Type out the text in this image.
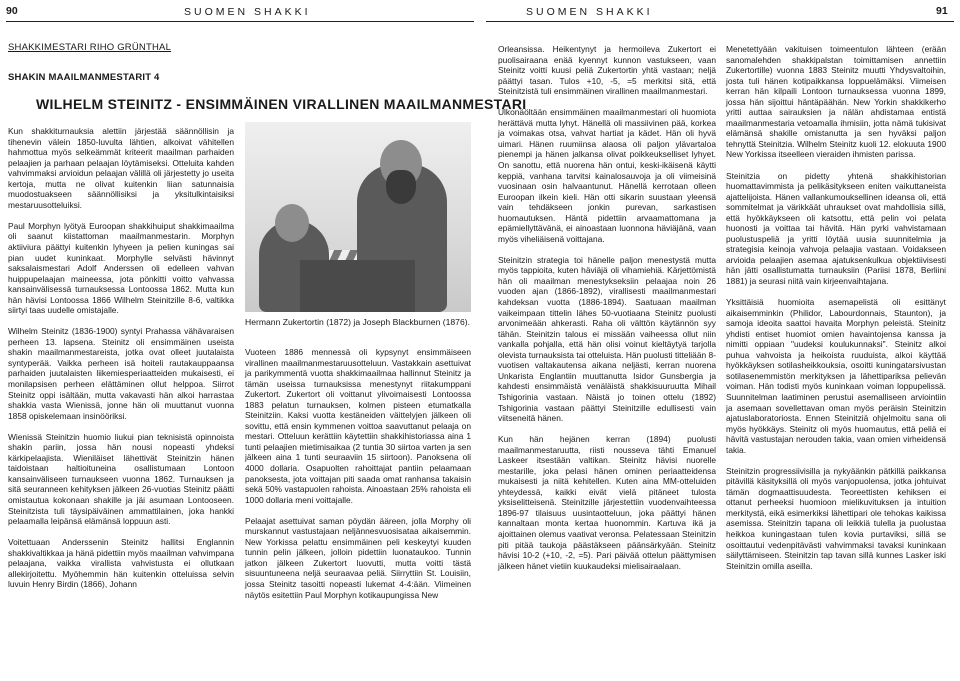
90	SUOMEN SHAKKI
SHAKKIMESTARI RIHO GRÜNTHAL
SHAKIN MAAILMANMESTARIT 4
WILHELM STEINITZ - ENSIMMÄINEN VIRALLINEN MAAILMANMESTARI

Kun shakkiturnauksia alettiin järjestää säännöllisin ja tihenevin välein 1850-luvulta lähtien, alkoivat vähitellen hahmottua myös selkeämmät kriteerit maailman parhaiden pelaajien ja parhaan pelaajan löytämiseksi. Otteluita kahden vahvimmaksi arvioidun pelaajan välillä oli järjestetty jo useita kertoja, mutta ne olivat kuitenkin liian satunnaisia muodostuakseen säännöllisiksi ja yksitulkintaisiksi mestaruusotteluiksi.

Paul Morphyn lyötyä Euroopan shakkihuiput shakkimaailma oli saanut kiistattoman maailmanmestarin. Morphyn aktiiviura päättyi kuitenkin lyhyeen ja pelien kuningas sai pian uudet kuninkaat. Morphylle selvästi hävinnyt saksalaismestari Adolf Anderssen oli edelleen vahvan huippupelaajan maineessa, jota pönkitti voitto vahvassa kansainvälisessä turnauksessa Lontoossa 1862. Mutta kun hän hävisi Lontoossa 1866 Wilhelm Steinitzille 8-6, valtikka siirtyi taas uudelle omistajalle.

Wilhelm Steinitz (1836-1900) syntyi Prahassa vähävaraisen perheen 13. lapsena. Steinitz oli ensimmäinen useista shakin maailmanmestareista, jotka ovat olleet juutalaista syntyperää. Vaikka perheen isä hoiteli rautakauppaansa parhaiden juutalaisten liikemiesperiaatteiden mukaisesti, ei monilapsisen perheen elättäminen ollut helppoa. Siirrot Steinitz oppi isältään, mutta vakavasti hän alkoi harrastaa shakkia vasta Wienissä, jonne hän oli muuttanut vuonna 1858 opiskelemaan insinööriksi.

Wienissä Steinitzin huomio liukui pian teknisistä opinnoista shakin pariin, jossa hän nousi nopeasti yhdeksi kärkipelaajista. Wieniläiset lähettivät Steinitzin hänen taidoistaan haltioituneina osallistumaan Lontoon kansainväliseen turnaukseen vuonna 1862. Turnauksen ja sitä seuranneen kehityksen jälkeen 26-vuotias Steinitz päätti omistautua kokonaan shakille ja jäi asumaan Lontooseen. Steinitzista tuli täysipäiväinen ammattilainen, joka hankki pelaamalla leipänsä elämänsä loppuun asti.

Voitettuaan Anderssenin Steinitz hallitsi Englannin shakkivaltikkaa ja hänä pidettiin myös maailman vahvimpana pelaajana, vaikka virallista vahvistusta ei ollutkaan allekirjoitettu. Myöhemmin hän kuitenkin otteluissa selvin luvuin Henry Birdin (1866), Johann

Hermann Zukertortin (1872) ja Joseph Blackburnen (1876).

Vuoteen 1886 mennessä oli kypsynyt ensimmäiseen virallinen maailmanmestaruusotteluun. Vastakkain asettuivat ja parikymmentä vuotta shakkimaailmaa hallinnut Steinitz ja tämän useissa turnauksissa menestynyt riitakumppani Zukertort. Zukertort oli voittanut ylivoimaisesti Lontoossa 1883 pelatun turnauksen, kolmen pisteen etumatkalla Steinitziin. Kaksi vuotta kestäneiden väittelyjen jälkeen oli sovittu, että ensin kymmenen voittoa saavuttanut pelaaja on mestari. Otteluun kerättiin käytettiin shakkihistoriassa aina 1 tunti pelaajien mietimisaikaa (2 tuntia 30 siirtoa varten ja sen jälkeen aina 1 tunti seuraaviin 15 siirtoon). Panoksena oli 4000 dollaria. Osapuolten rahoittajat pantiin pelaamaan panoksesta, jota voittajan piti saada omat ranhansa takaisin sekä 50% vastapuolen rahoista. Ainoastaan 25% rahoista eli 1000 dollaria meni voittajalle.

Pelaajat asettuivat saman pöydän ääreen, jolla Morphy oli murskannut vastustajaan neljännesvuosisataa aikaisemmin. New Yorkissa pelattu ensimmäinen peli keskeytyi kuuden tunnin pelin jälkeen, jolloin pidettiin luonataukoo. Tunnin jatkon jälkeen Zukertort luovutti, mutta voitti tästä sisuuntuneena neljä seuraavaa peliä. Siirryttiin St. Louisiin, jossa Steinitz tasoitti nopeasti lukemat 4-4:ään. Viimeinen näytös esitettiin Paul Morphyn kotikaupungissa New

SUOMEN SHAKKI	91

Orleansissa. Heikentynyt ja hermoileva Zukertort ei puolisairaana enää kyennyt kunnon vastukseen, vaan Steinitz voitti kuusi peliä Zukertortin yhtä vastaan; neljä päättyi tasan. Tulos +10, -5, =5 merkitsi sitä, että Steinitzistä tuli ensimmäinen virallinen maailmanmestari.

Ulkonäöltään ensimmäinen maailmanmestari oli huomiota herättävä mutta lyhyt. Hänellä oli massiivinen pää, korkea ja voimakas otsa, vahvat hartiat ja kädet. Hän oli hyvä uimari. Hänen ruumiinsa alaosa oli paljon ylävartaloa pienempi ja hänen jalkansa olivat poikkeukselliset lyhyet. On sanottu, että nuorena hän ontui, keski-ikäisenä käytti keppiä, vanhana tarvitsi kainalosauvoja ja oli viimeisinä vuosinaan osin halvaantunut. Hänellä kerrotaan olleen Euroopan ilkein kieli. Hän otti sikarin suustaan yleensä vain tehdäkseen jonkin purevan, sarkastisen huomautuksen. Häntä pidettiin arvaamattomana ja epämiellyttävänä, ei ainoastaan luonnona häviäjänä, vaan myös viheliäisenä voittajana.

Steinitzin strategia toi hänelle paljon menestystä mutta myös tappioita, kuten häviäjä oli vihamiehiä. Kärjettömistä hän oli maailman menestykseksiin pelaajaa noin 26 vuoden ajan (1866-1892), virallisesti maailmanmestari kahdeksan vuotta (1886-1894). Saatuaan maailman vaikeimpaan tittelin lähes 50-vuotiaana Steinitz puolusti arvonimeään ahkerasti. Raha oli välttön käytännön syy tähän. Steinitzin talous ei missään vaiheessa ollut niin vankalla pohjalla, että hän olisi voinut kieltäytyä tarjolla olevista turnauksista tai otteluista. Hän puolusti titteliään 8-vuotisen valtakautensa aikana neljästi, kerran nuorena Unkarista Englantiin muuttanutta Isidor Gunsbergia ja kahdesti ensimmäistä venäläistä shakkisuuruutta Mihail Tshigorinia vastaan. Näistä jo toinen ottelu (1892) Tshigorinia vastaan päättyi Steinitzille edullisesti vain viitseneitä hänen.

Kun hän hejänen kerran (1894) puolusti maailmanmestaruutta, riisti nousseva tähti Emanuel Laskeer itsestään valtikan. Steinitz hävisi nuorelle mestarille, joka pelasi hänen ominen periaatteidensa mukaisesti ja niitä kehitellen. Kuten aina MM-otteluiden yhteydessä, kaikki eivät vielä pitäneet tulosta yksiselitteisenä. Steinitzille järjestettiin vuodenvaihteessa 1896-97 tilaisuus uusintaotteluun, joka päättyi hänen kannaltaan monta kertaa huonommin. Kartuva ikä ja ajoittainen olemus vaativat veronsa. Pelatessaan Steinitzin piti pitää taukoja päästäkseen päänsärkyään. Steinitz hävisi 10-2 (+10, -2, =5). Pari päivää ottelun päättymisen jälkeen hänet vietiin kuukaudeksi mielisairaalaan.

Menetettyään vakituisen toimeentulon lähteen (erään sanomalehden shakkipalstan toimittamisen annettiin Zukertortille) vuonna 1883 Steinitz muutti Yhdysvaltoihin, josta tuli hänen kotipaikkansa loppuelämäksi. Viimeisen kerran hän kilpaili Lontoon turnauksessa vuonna 1899, jossa hän sijoittui häntäpäähän. New Yorkin shakkikerho yritti auttaa sairauksien ja nälän ahdistamaa entistä maailmanmestaria vetoamalla ihmisiin, jotta nämä tukisivat elämänsä shakille omistanutta ja sen hyväksi paljon tehnyttä Steinitzia. Wilhelm Steinitz kuoli 12. elokuuta 1900 New Yorkissa itseelleen vieraiden ihmisten parissa.

Steinitzia on pidetty yhtenä shakkihistorian huomattavimmista ja pelikäsitykseen eniten vaikuttaneista ajattelijoista. Hänen vallankumouksellinen ideansa oli, että sommitelmat ja värikkäät uhraukset ovat mahdollisia sillä, että hyökkäykseen oli katsottu, että pelin voi pelata huonosti ja voittaa tai hävitä. Hän pyrki vahvistamaan puolustuspeliä ja yritti löytää uusia suunnitelmia ja strategisia keinoja vahvoja pelaajia vastaan. Voidakseen arvioida pelaajien asemaa ajatuksenkulkua objektiivisesti hän jätti osallistumatta turnauksiin (Pariisi 1878, Berliini 1881) ja seurasi niitä vain kirjeenvaihtajana.

Yksittäisiä huomioita asemapelistä oli esittänyt aikaisemminkin (Philidor, Labourdonnais, Staunton), ja samoja ideoita saattoi havaita Morphyn peleistä. Steinitz yhdisti entiset huomiot omien havaintojensa kanssa ja nimitti oppiaan "uudeksi koulukunnaksi". Steinitz alkoi puhua vahvoista ja heikoista ruuduista, alkoi käyttää hyökkäyksen sotilasheikkouksia, osoitti kuningatarsivustan sotilasenemmistön merkityksen ja lähettipariksa pelievän voiman. Hän todisti myös kuninkaan voiman loppupelissä. Suunnitelman laatiminen perustui asemalliseen arviointiin ja asemaan sovellettavan oman myös peräisin Steinitzin ajatuslaboratoriosta. Ennen Steinitziä ohjelmoitu sana oli myös hyökkäys. Steinitz oli myös huomautus, että peliä ei hävitä vastustajan nerouden takia, vaan omien virheidensä takia.

Steinitzin progressiivisilla ja nykyäänkin pätkillä paikkansa pitävillä käsityksillä oli myös vanjopuolensa, jotka johtuivat tämän dogmaattisuudesta. Teoreettisten kehiksen ei ottanut perheeksi huomioon mielikuvituksen ja intuition merkitystä, eikä esimerkiksi lähettipari ole tehokas kaikissa asemissa. Steinitzin tapana oli leikkiä tulella ja puolustaa heikkoa kuningastaan tulen kovia purtaviksi, sillä se osoittautui vedenpitävästi vahvimmaksi tavaksi kuninkaan säilyttämiseen. Steinitzin tap tavan sillä kunnes Lasker iski Steinitzin omilla aseilla.
